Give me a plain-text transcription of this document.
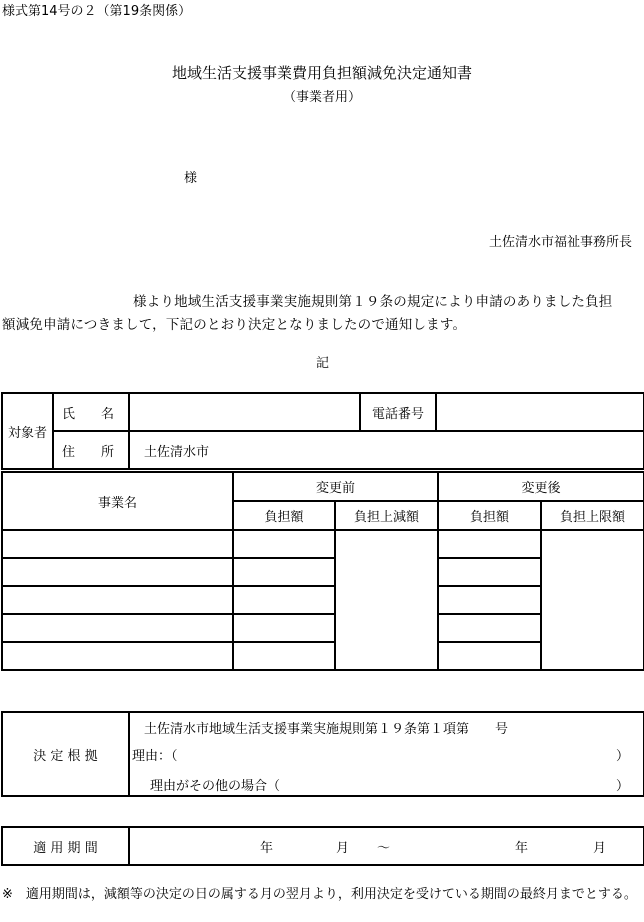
様式第14号の２（第19条関係）
地域生活支援事業費用負担額減免決定通知書
（事業者用）
様
土佐清水市福祉事務所長
様より地域生活支援事業実施規則第１９条の規定により申請のありました負担
額減免申請につきまして，下記のとおり決定となりましたので通知します。
記
対象者	氏　　名		電話番号	
	住　　所	土佐清水市		
事業名	変更前		変更後	
	負担額	負担上減額	負担額	負担上限額

決 定 根 拠	
土佐清水市地域生活支援事業実施規則第１９条第１項第　　号
理由：（	）
理由がその他の場合（	）
適 用 期 間	年	月 ～	年	月
※　適用期間は，減額等の決定の日の属する月の翌月より，利用決定を受けている期間の最終月までとする。
